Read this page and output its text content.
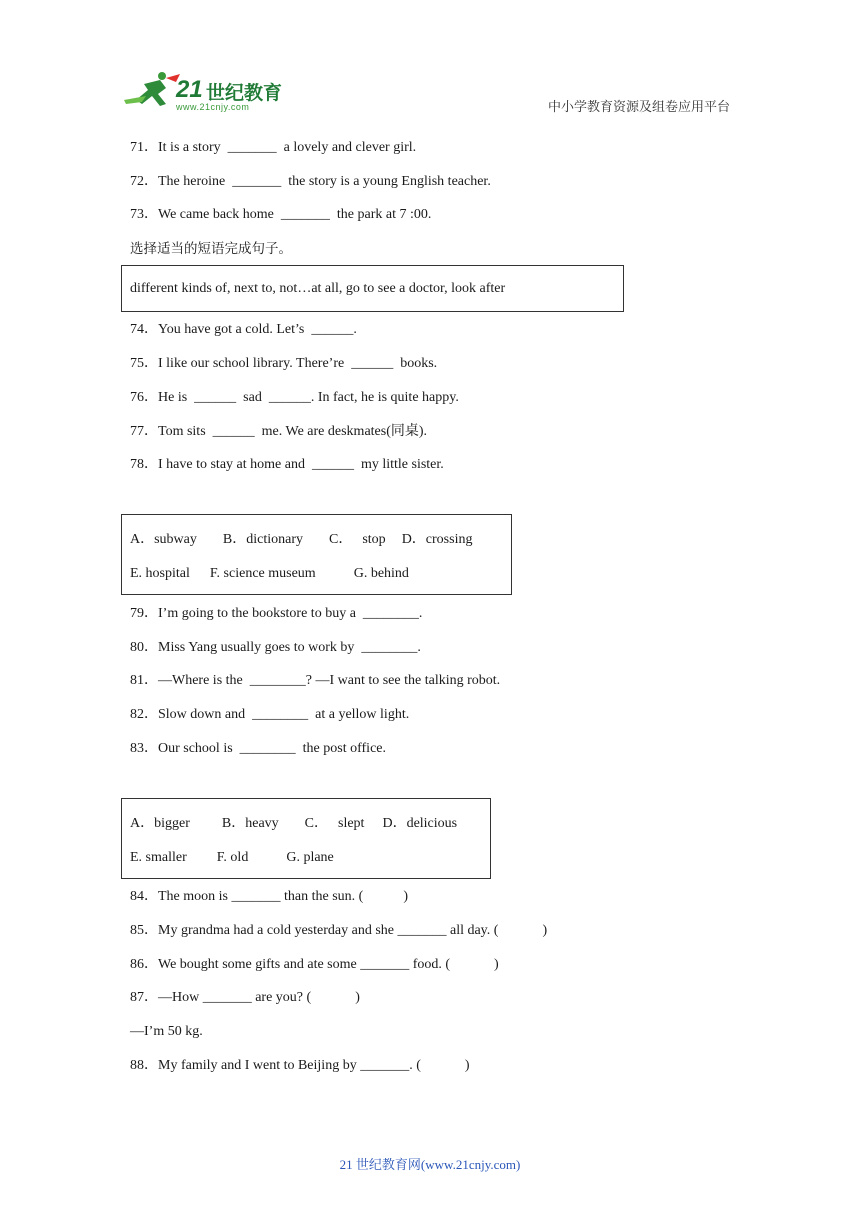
21 世纪教育
www.21cnjy.com	中小学教育资源及组卷应用平台
71．It is a story _______ a lovely and clever girl.
72．The heroine _______ the story is a young English teacher.
73．We came back home _______ the park at 7 :00.
选择适当的短语完成句子。
different kinds of, next to, not…at all, go to see a doctor, look after
74．You have got a cold. Let’s ______.
75．I like our school library. There’re ______ books.
76．He is ______ sad ______. In fact, he is quite happy.
77．Tom sits ______ me. We are deskmates(同桌).
78．I have to stay at home and ______ my little sister.
A．subway B．dictionary C． stop D．crossing
E. hospital F. science museum	G. behind
79．I’m going to the bookstore to buy a ________.
80．Miss Yang usually goes to work by ________.
81．—Where is the ________? —I want to see the talking robot.
82．Slow down and ________ at a yellow light.
83．Our school is ________ the post office.
A．bigger B．heavy C． slept D．delicious
E. smaller F. old	G. plane
84．The moon is _______ than the sun. (	)
85．My grandma had a cold yesterday and she _______ all day. (	)
86．We bought some gifts and ate some _______ food. (	)
87．—How _______ are you? (	)
—I’m 50 kg.
88．My family and I went to Beijing by _______. (	)
21 世纪教育网(www.21cnjy.com)
